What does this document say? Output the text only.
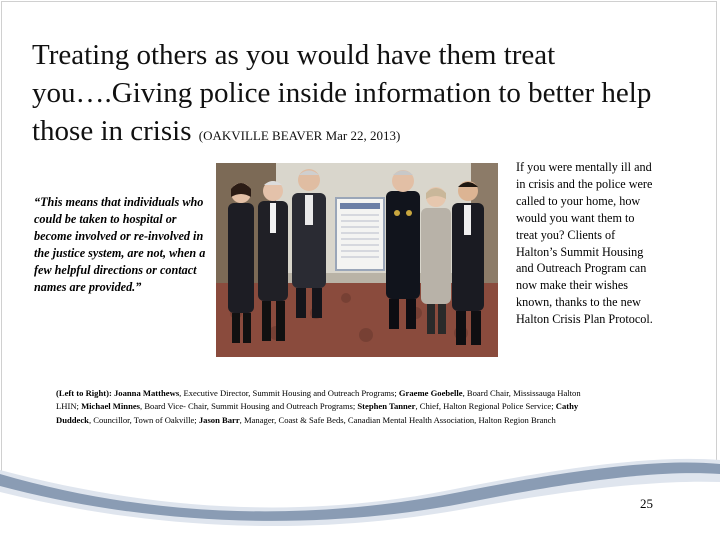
Treating others as you would have them treat you….Giving police inside information to better help those in crisis (OAKVILLE BEAVER Mar 22, 2013)
“This means that individuals who could be taken to hospital or become involved or re-involved in the justice system, are not, when a few helpful directions or contact names are provided.”
If you were mentally ill and in crisis and the police were called to your home, how would you want them to treat you? Clients of Halton’s Summit Housing and Outreach Program can now make their wishes known, thanks to the new Halton Crisis Plan Protocol.
(Left to Right): Joanna Matthews, Executive Director, Summit Housing and Outreach Programs; Graeme Goebelle, Board Chair, Mississauga Halton LHIN; Michael Minnes, Board Vice- Chair, Summit Housing and Outreach Programs; Stephen Tanner, Chief, Halton Regional Police Service; Cathy Duddeck, Councillor, Town of Oakville; Jason Barr, Manager, Coast & Safe Beds, Canadian Mental Health Association, Halton Region Branch
25
